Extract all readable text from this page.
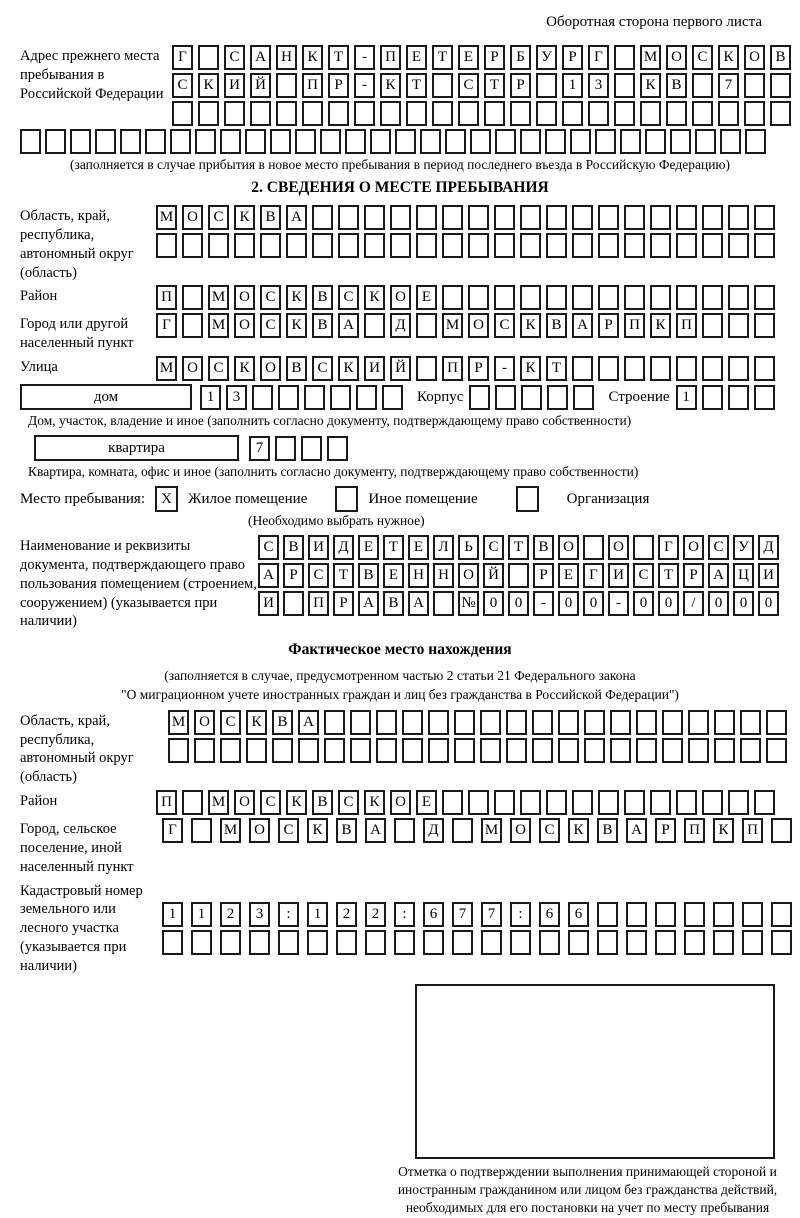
Оборотная сторона первого листа
Адрес прежнего места пребывания в Российской Федерации
Г	С	А	Н	К	Т	-	П	Е	Т	Е	Р	Б	У	Р	Г	М О	С	К	О	В
С	К	И	Й	П	Р	-	К	Т	С	Т	Р	1	3	К	В	7
(заполняется в случае прибытия в новое место пребывания в период последнего въезда в Российскую Федерацию)
2. СВЕДЕНИЯ О МЕСТЕ ПРЕБЫВАНИЯ
Область, край, республика, автономный округ (область)
М О	С	К	В	А
Район	П	М О	С	К	В	С	К	О	Е
Город или другой населенный пункт
Г	М О	С	К	В	А	Д	М О	С	К	В	А	Р	П	К	П
Улица	М О	С	К	О	В	С	К	И	Й	П	Р	-	К	Т
дом	1	3	Корпус	Строение 1
Дом, участок, владение и иное (заполнить согласно документу, подтверждающему право собственности)
квартира	7
Квартира, комната, офис и иное (заполнить согласно документу, подтверждающему право собственности)
Место пребывания:	X	Жилое помещение	Иное помещение	Организация
(Необходимо выбрать нужное)
Наименование и реквизиты документа, подтверждающего право пользования помещением (строением, сооружением) (указывается при наличии)
С В И Д	Е	Т	Е	Л	Ь	С	Т	В О	О	Г	О С У Д
А	Р	С	Т	В	Е	Н Н О Й	Р	Е	Г	И С	Т	Р	А Ц И
И	П	Р	А В А	№ 0	0	-	0	0	-	0	0	/	0	0	0
Фактическое место нахождения
(заполняется в случае, предусмотренном частью 2 статьи 21 Федерального закона
"О миграционном учете иностранных граждан и лиц без гражданства в Российской Федерации")
Область, край, республика, автономный округ (область)
М О	С	К	В	А
Район	П	М О	С	К	В	С	К	О	Е
Город, сельское поселение, иной населенный пункт
Г	М	О	С	К	В	А	Д	М	О	С	К	В	А	Р	П	К	П
Кадастровый номер земельного или лесного участка (указывается при наличии)
1	1	2	3	:	1	2	2	:	6	7	7	:	6	6
Отметка о подтверждении выполнения принимающей стороной и иностранным гражданином или лицом без гражданства действий, необходимых для его постановки на учет по месту пребывания
